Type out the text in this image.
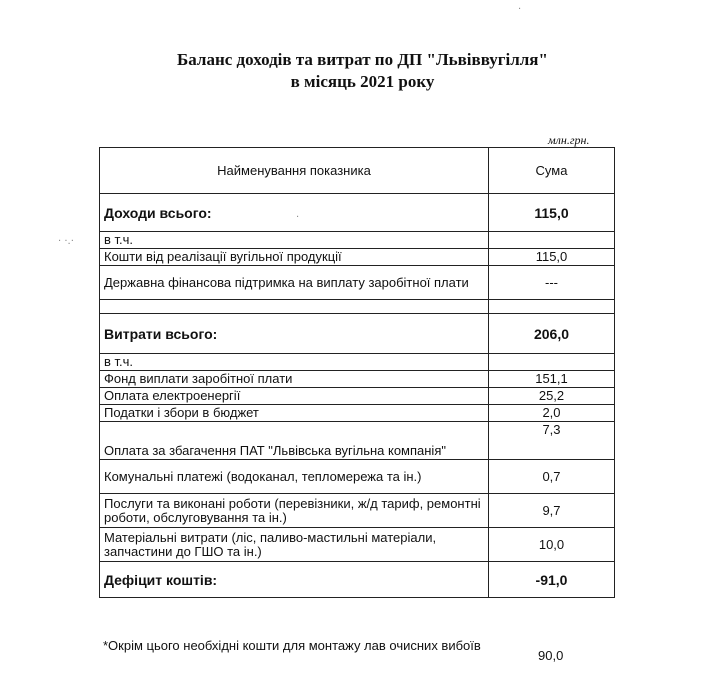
Баланс доходів та витрат по ДП "Львіввугілля"
в місяць 2021 року
млн.грн.
·
· ·.·
·
Найменування показника	Сума
Доходи всього:	115,0
в т.ч.	
Кошти від реалізації вугільної продукції	115,0
Державна фінансова підтримка на виплату заробітної плати	---

Витрати всього:	206,0
в т.ч.	
Фонд виплати заробітної плати	151,1
Оплата електроенергії	25,2
Податки і збори в бюджет	2,0
Оплата за збагачення ПАТ "Львівська вугільна компанія"	7,3
Комунальні платежі (водоканал, тепломережа та ін.)	0,7
Послуги та виконані роботи (перевізники, ж/д тариф, ремонтні роботи, обслуговування та ін.)	9,7
Матеріальні витрати (ліс, паливо-мастильні матеріали, запчастини до ГШО та ін.)	10,0
Дефіцит коштів:	-91,0
*Окрім цього необхідні кошти для монтажу лав очисних вибоїв
90,0
